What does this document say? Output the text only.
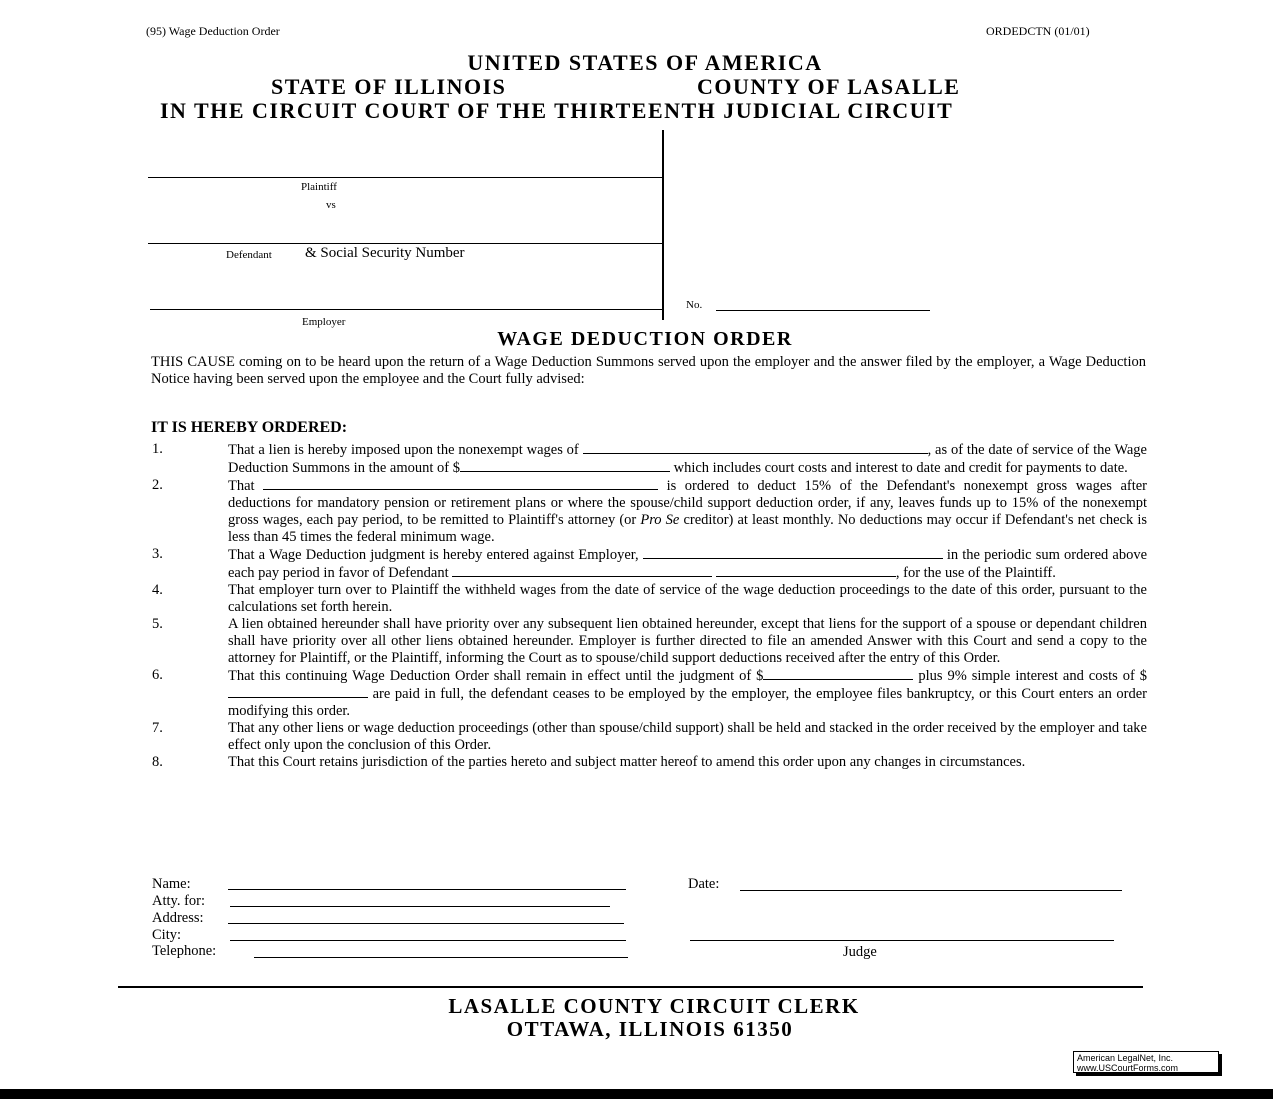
(95) Wage Deduction Order	ORDEDCTN (01/01)
UNITED STATES OF AMERICA
STATE OF ILLINOIS	COUNTY OF LASALLE
IN THE CIRCUIT COURT OF THE THIRTEENTH JUDICIAL CIRCUIT
Plaintiff
vs
Defendant & Social Security Number
Employer
No.
WAGE DEDUCTION ORDER
THIS CAUSE coming on to be heard upon the return of a Wage Deduction Summons served upon the employer and the answer filed by the employer, a Wage Deduction Notice having been served upon the employee and the Court fully advised:
IT IS HEREBY ORDERED:
1.	That a lien is hereby imposed upon the nonexempt wages of	, as of the date of service of the Wage Deduction Summons in the amount of $	which includes court costs and interest to date and credit for payments to date.
2.	That	is ordered to deduct 15% of the Defendant's nonexempt gross wages after deductions for mandatory pension or retirement plans or where the spouse/child support deduction order, if any, leaves funds up to 15% of the nonexempt gross wages, each pay period, to be remitted to Plaintiff's attorney (or Pro Se creditor) at least monthly. No deductions may occur if Defendant's net check is less than 45 times the federal minimum wage.
3.	That a Wage Deduction judgment is hereby entered against Employer,	in the periodic sum ordered above each pay period in favor of Defendant	, for the use of the Plaintiff.
4.	That employer turn over to Plaintiff the withheld wages from the date of service of the wage deduction proceedings to the date of this order, pursuant to the calculations set forth herein.
5.	A lien obtained hereunder shall have priority over any subsequent lien obtained hereunder, except that liens for the support of a spouse or dependant children shall have priority over all other liens obtained hereunder. Employer is further directed to file an amended Answer with this Court and send a copy to the attorney for Plaintiff, or the Plaintiff, informing the Court as to spouse/child support deductions received after the entry of this Order.
6.	That this continuing Wage Deduction Order shall remain in effect until the judgment of $	plus 9% simple interest and costs of $ are paid in full, the defendant ceases to be employed by the employer, the employee files bankruptcy, or this Court enters an order modifying this order.
7.	That any other liens or wage deduction proceedings (other than spouse/child support) shall be held and stacked in the order received by the employer and take effect only upon the conclusion of this Order.
8.	That this Court retains jurisdiction of the parties hereto and subject matter hereof to amend this order upon any changes in circumstances.
Name:
Atty. for:
Address:
City:
Telephone:
Date:
Judge
LASALLE COUNTY CIRCUIT CLERK
OTTAWA, ILLINOIS 61350
American LegalNet, Inc.
www.USCourtForms.com
